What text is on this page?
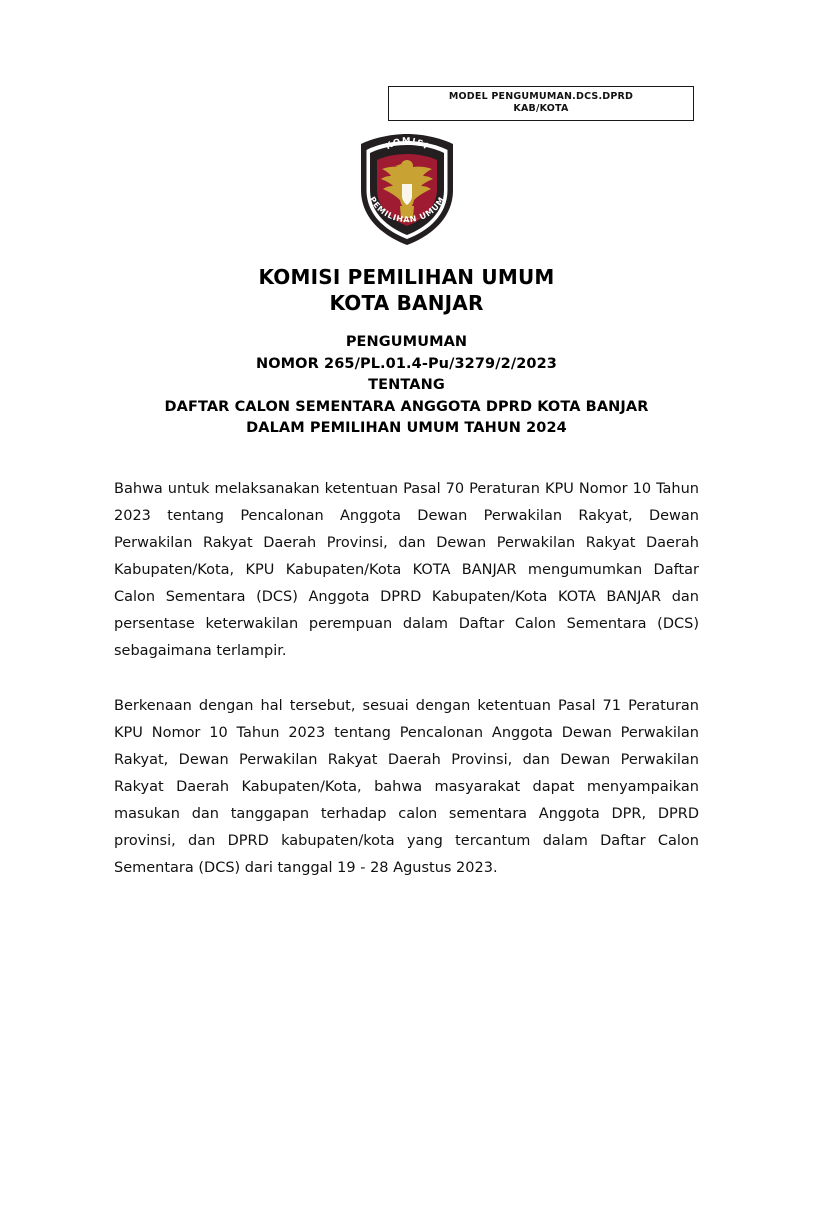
MODEL PENGUMUMAN.DCS.DPRD
KAB/KOTA
KOMISI
PEMILIHAN UMUM
KOMISI PEMILIHAN UMUM
KOTA BANJAR
PENGUMUMAN
NOMOR 265/PL.01.4-Pu/3279/2/2023
TENTANG
DAFTAR CALON SEMENTARA ANGGOTA DPRD KOTA BANJAR
DALAM PEMILIHAN UMUM TAHUN 2024

Bahwa untuk melaksanakan ketentuan Pasal 70 Peraturan KPU Nomor 10 Tahun 2023 tentang Pencalonan Anggota Dewan Perwakilan Rakyat, Dewan Perwakilan Rakyat Daerah Provinsi, dan Dewan Perwakilan Rakyat Daerah Kabupaten/Kota, KPU Kabupaten/Kota KOTA BANJAR mengumumkan Daftar Calon Sementara (DCS) Anggota DPRD Kabupaten/Kota KOTA BANJAR dan persentase keterwakilan perempuan dalam Daftar Calon Sementara (DCS) sebagaimana terlampir.

Berkenaan dengan hal tersebut, sesuai dengan ketentuan Pasal 71 Peraturan KPU Nomor 10 Tahun 2023 tentang Pencalonan Anggota Dewan Perwakilan Rakyat, Dewan Perwakilan Rakyat Daerah Provinsi, dan Dewan Perwakilan Rakyat Daerah Kabupaten/Kota, bahwa masyarakat dapat menyampaikan masukan dan tanggapan terhadap calon sementara Anggota DPR, DPRD provinsi, dan DPRD kabupaten/kota yang tercantum dalam Daftar Calon Sementara (DCS) dari tanggal 19 - 28 Agustus 2023.
